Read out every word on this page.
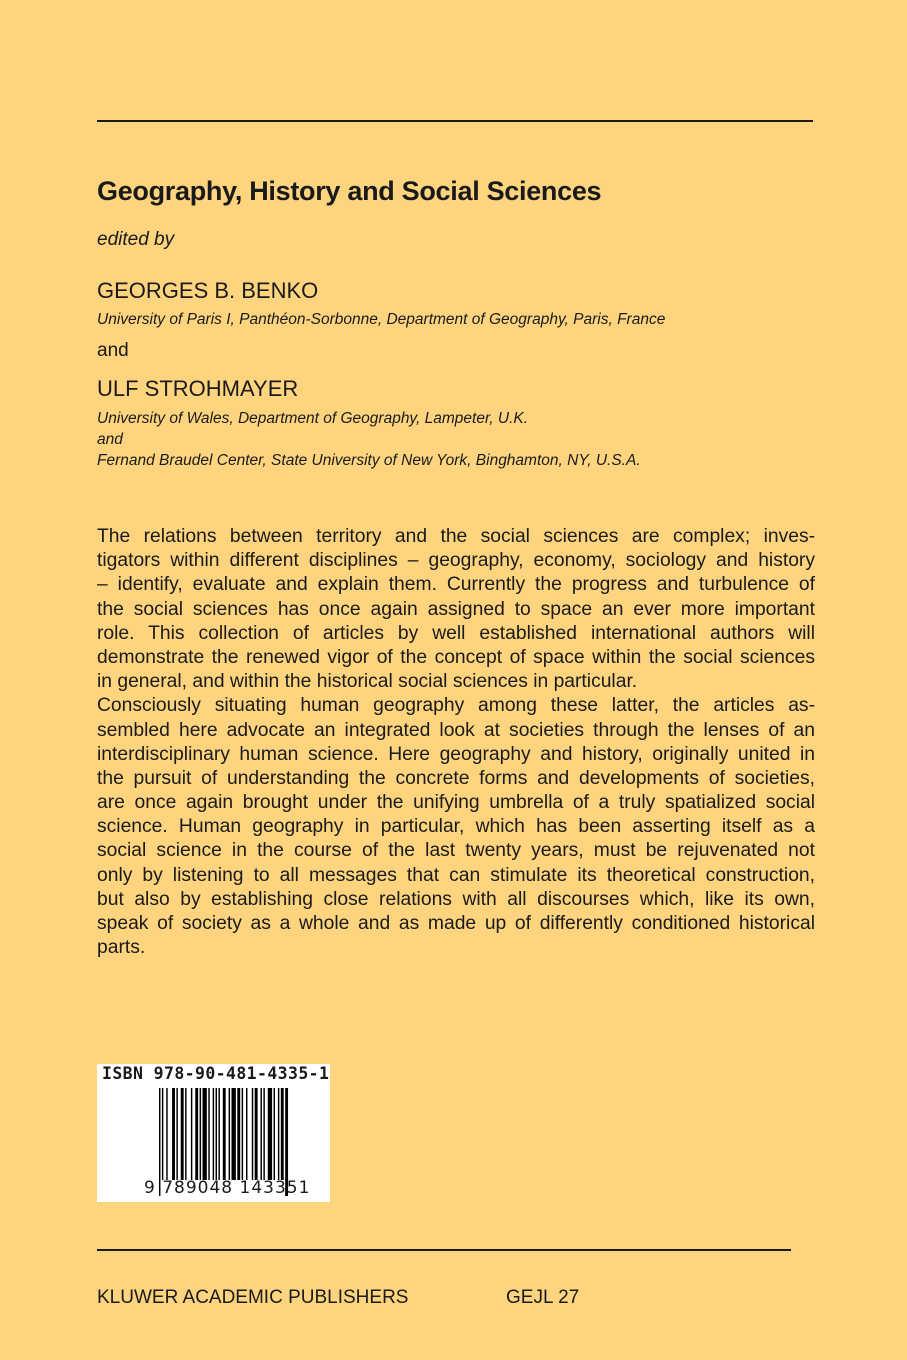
Geography, History and Social Sciences
edited by
GEORGES B. BENKO
University of Paris I, Panthéon-Sorbonne, Department of Geography, Paris, France
and
ULF STROHMAYER
University of Wales, Department of Geography, Lampeter, U.K.
and
Fernand Braudel Center, State University of New York, Binghamton, NY, U.S.A.
The relations between territory and the social sciences are complex; inves-
tigators within different disciplines – geography, economy, sociology and history
– identify, evaluate and explain them. Currently the progress and turbulence of
the social sciences has once again assigned to space an ever more important
role. This collection of articles by well established international authors will
demonstrate the renewed vigor of the concept of space within the social sciences
in general, and within the historical social sciences in particular.
Consciously situating human geography among these latter, the articles as-
sembled here advocate an integrated look at societies through the lenses of an
interdisciplinary human science. Here geography and history, originally united in
the pursuit of understanding the concrete forms and developments of societies,
are once again brought under the unifying umbrella of a truly spatialized social
science. Human geography in particular, which has been asserting itself as a
social science in the course of the last twenty years, must be rejuvenated not
only by listening to all messages that can stimulate its theoretical construction,
but also by establishing close relations with all discourses which, like its own,
speak of society as a whole and as made up of differently conditioned historical
parts.
ISBN 978-90-481-4335-1
9 789048 143351
KLUWER ACADEMIC PUBLISHERS	GEJL 27
